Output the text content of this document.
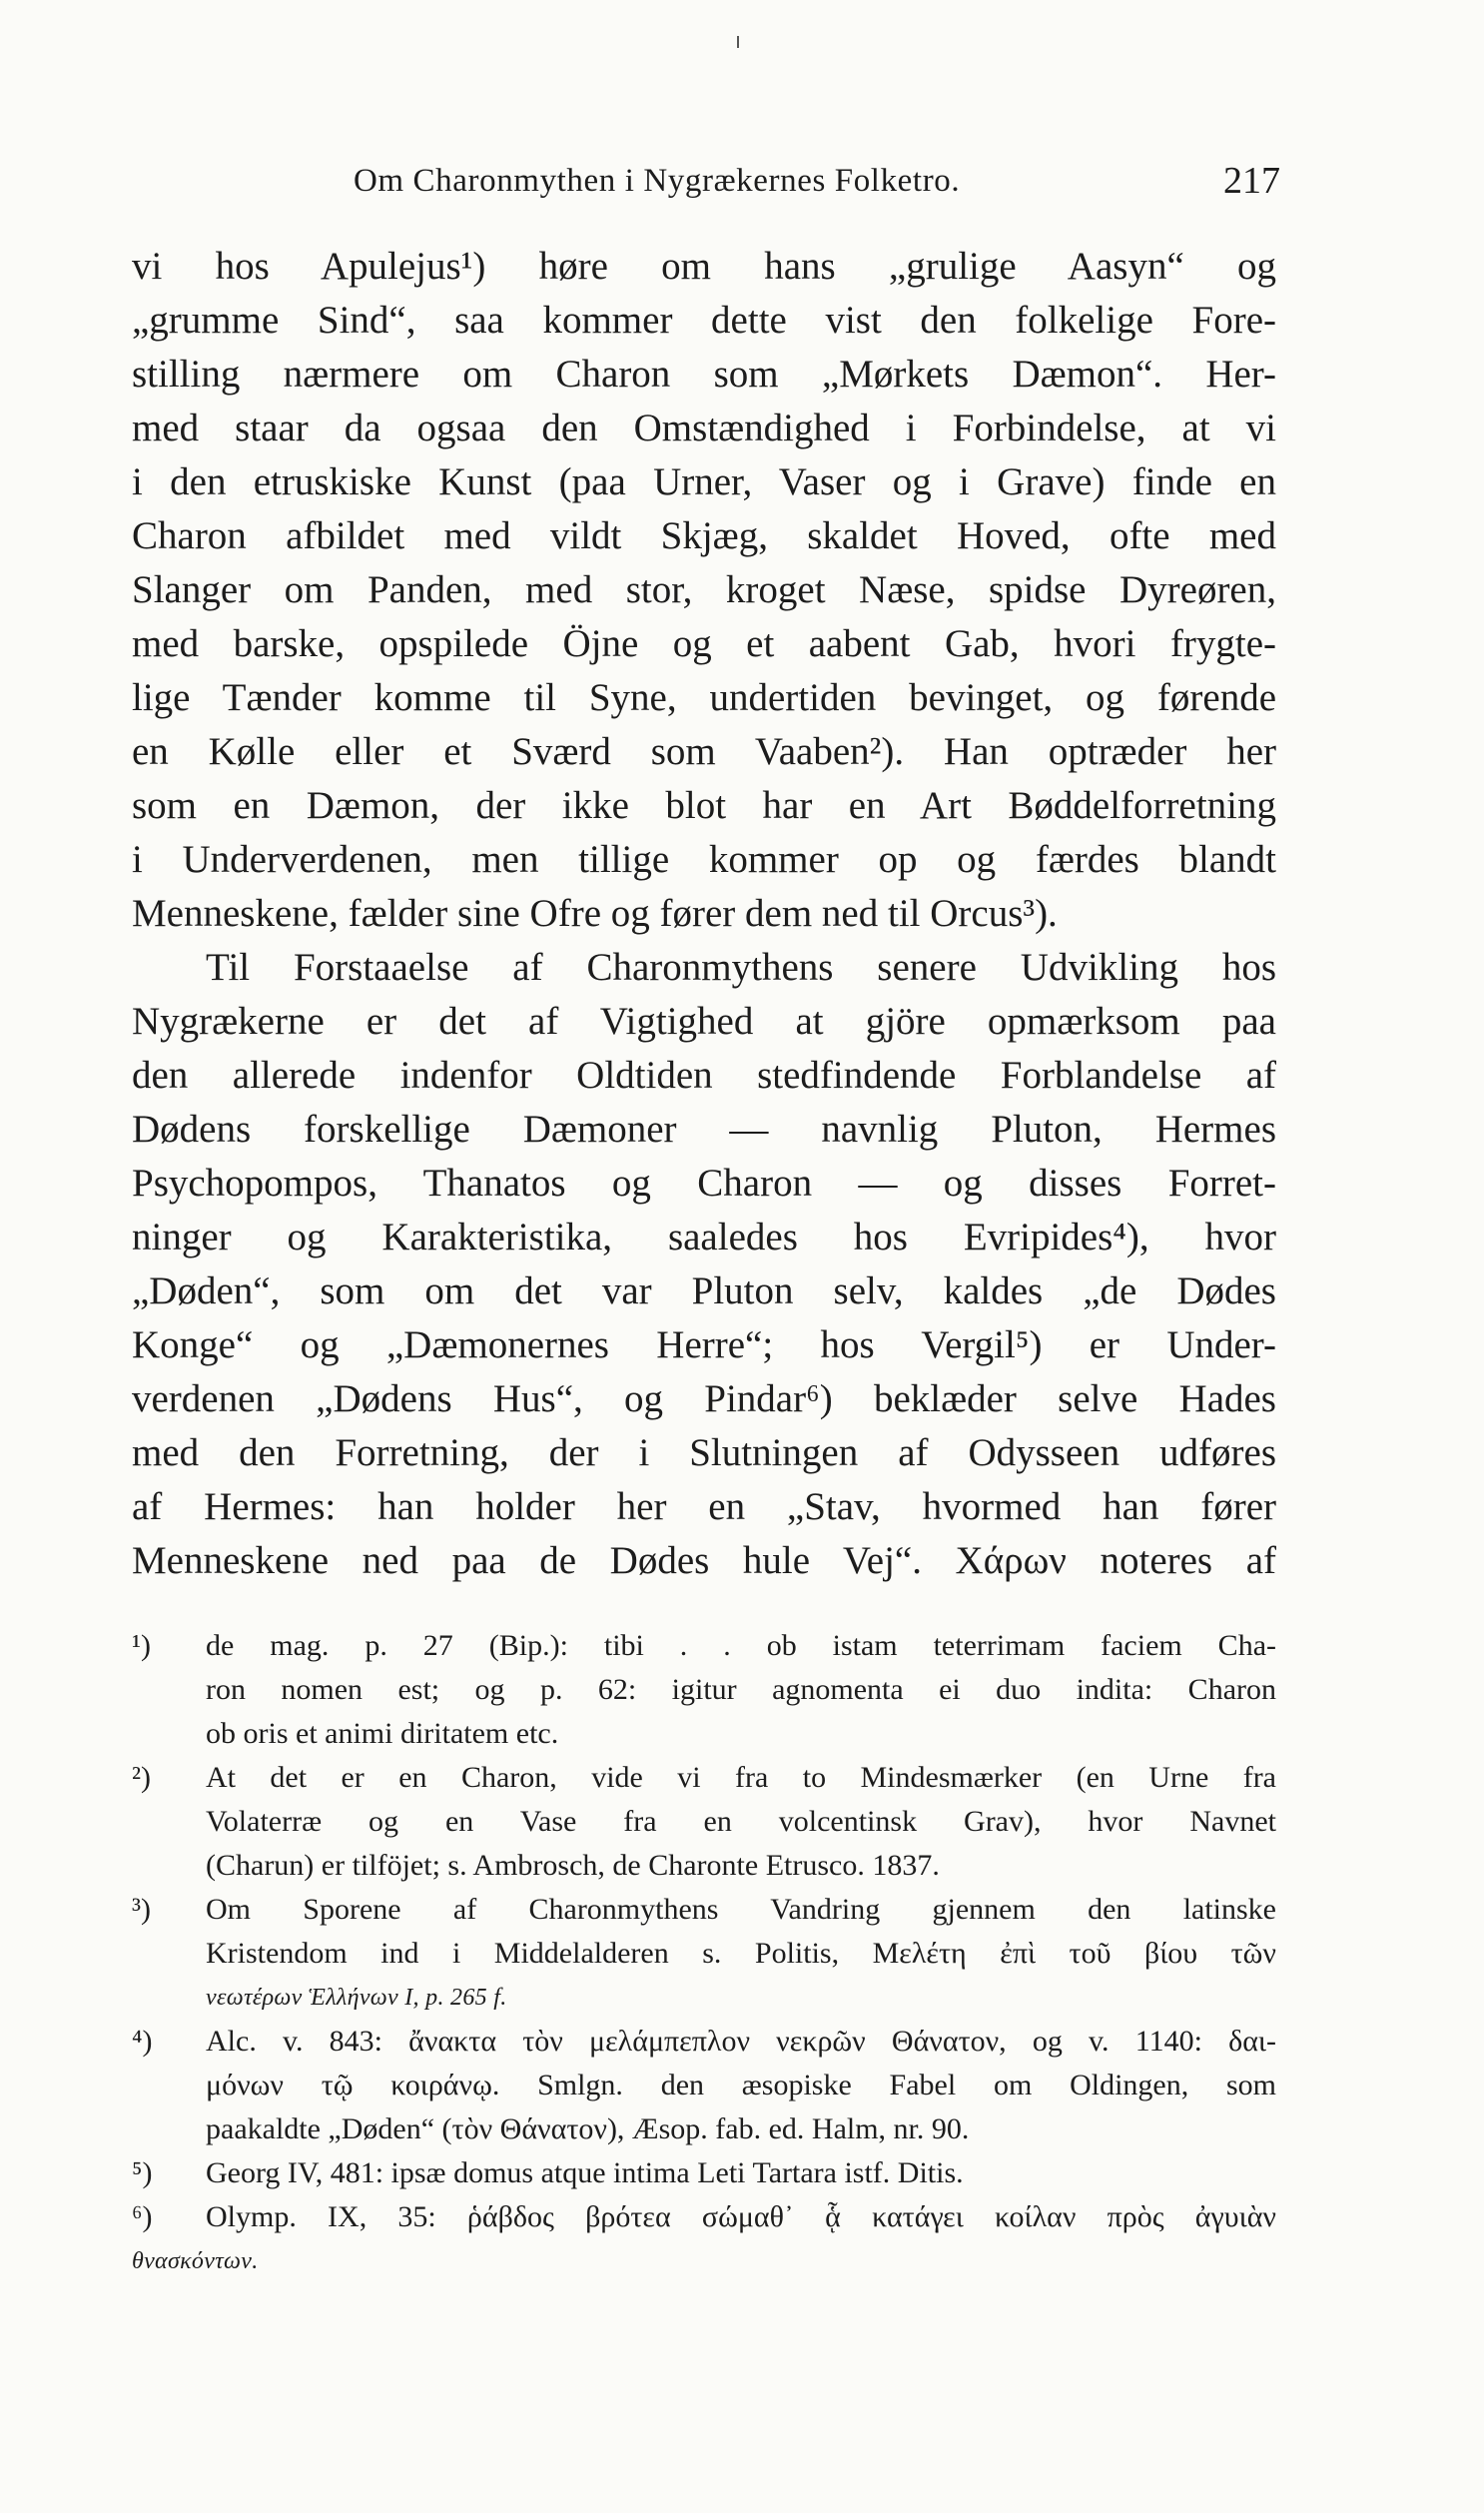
Om Charonmythen i Nygrækernes Folketro.	217
vi hos Apulejus¹) høre om hans „grulige Aasyn“ og
„grumme Sind“, saa kommer dette vist den folkelige Fore-
stilling nærmere om Charon som „Mørkets Dæmon“. Her-
med staar da ogsaa den Omstændighed i Forbindelse, at vi
i den etruskiske Kunst (paa Urner, Vaser og i Grave) finde en
Charon afbildet med vildt Skjæg, skaldet Hoved, ofte med
Slanger om Panden, med stor, kroget Næse, spidse Dyreøren,
med barske, opspilede Öjne og et aabent Gab, hvori frygte-
lige Tænder komme til Syne, undertiden bevinget, og førende
en Kølle eller et Sværd som Vaaben²). Han optræder her
som en Dæmon, der ikke blot har en Art Bøddelforretning
i Underverdenen, men tillige kommer op og færdes blandt
Menneskene, fælder sine Ofre og fører dem ned til Orcus³).
Til Forstaaelse af Charonmythens senere Udvikling hos
Nygrækerne er det af Vigtighed at gjöre opmærksom paa
den allerede indenfor Oldtiden stedfindende Forblandelse af
Dødens forskellige Dæmoner — navnlig Pluton, Hermes
Psychopompos, Thanatos og Charon — og disses Forret-
ninger og Karakteristika, saaledes hos Evripides⁴), hvor
„Døden“, som om det var Pluton selv, kaldes „de Dødes
Konge“ og „Dæmonernes Herre“; hos Vergil⁵) er Under-
verdenen „Dødens Hus“, og Pindar⁶) beklæder selve Hades
med den Forretning, der i Slutningen af Odysseen udføres
af Hermes: han holder her en „Stav, hvormed han fører
Menneskene ned paa de Dødes hule Vej“. Χάρων noteres af
¹) de mag. p. 27 (Bip.): tibi . . ob istam teterrimam faciem Cha-
ron nomen est; og p. 62: igitur agnomenta ei duo indita: Charon
ob oris et animi diritatem etc.
²) At det er en Charon, vide vi fra to Mindesmærker (en Urne fra
Volaterræ og en Vase fra en volcentinsk Grav), hvor Navnet
(Charun) er tilföjet; s. Ambrosch, de Charonte Etrusco. 1837.
³) Om Sporene af Charonmythens Vandring gjennem den latinske
Kristendom ind i Middelalderen s. Politis, Μελέτη ἐπὶ τοῦ βίου τῶν
νεωτέρων Ἑλλήνων I, p. 265 f.
⁴) Alc. v. 843: ἄνακτα τὸν μελάμπεπλον νεκρῶν Θάνατον, og v. 1140: δαι-
μόνων τῷ κοιράνῳ. Smlgn. den æsopiske Fabel om Oldingen, som
paakaldte „Døden“ (τὸν Θάνατον), Æsop. fab. ed. Halm, nr. 90.
⁵) Georg IV, 481: ipsæ domus atque intima Leti Tartara istf. Ditis.
⁶) Olymp. IX, 35: ῥάβδος βρότεα σώμαθ᾽ ᾇ κατάγει κοίλαν πρὸς ἀγυιὰν
θνασκόντων.
